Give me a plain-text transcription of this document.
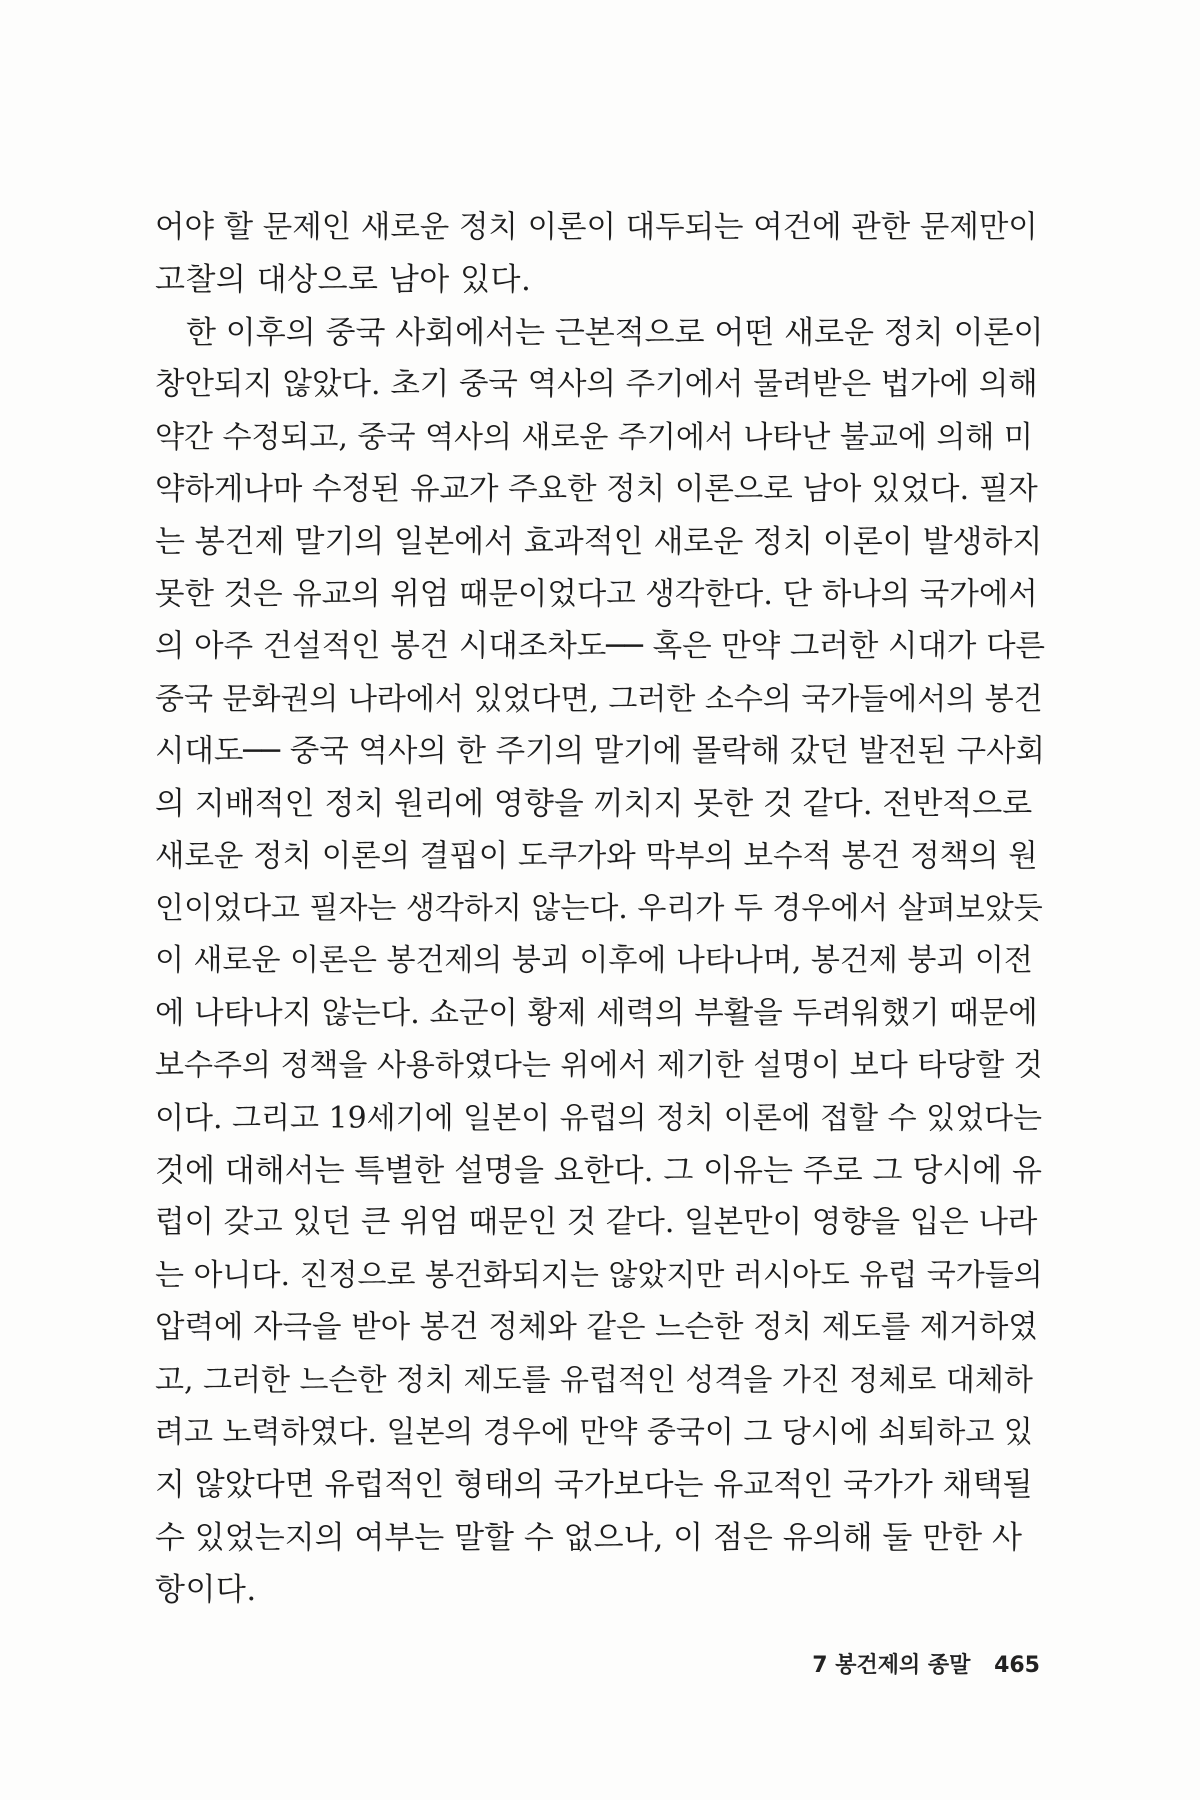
어야 할 문제인 새로운 정치 이론이 대두되는 여건에 관한 문제만이
고찰의 대상으로 남아 있다.
한 이후의 중국 사회에서는 근본적으로 어떤 새로운 정치 이론이
창안되지 않았다. 초기 중국 역사의 주기에서 물려받은 법가에 의해
약간 수정되고, 중국 역사의 새로운 주기에서 나타난 불교에 의해 미
약하게나마 수정된 유교가 주요한 정치 이론으로 남아 있었다. 필자
는 봉건제 말기의 일본에서 효과적인 새로운 정치 이론이 발생하지
못한 것은 유교의 위엄 때문이었다고 생각한다. 단 하나의 국가에서
의 아주 건설적인 봉건 시대조차도── 혹은 만약 그러한 시대가 다른
중국 문화권의 나라에서 있었다면, 그러한 소수의 국가들에서의 봉건
시대도── 중국 역사의 한 주기의 말기에 몰락해 갔던 발전된 구사회
의 지배적인 정치 원리에 영향을 끼치지 못한 것 같다. 전반적으로
새로운 정치 이론의 결핍이 도쿠가와 막부의 보수적 봉건 정책의 원
인이었다고 필자는 생각하지 않는다. 우리가 두 경우에서 살펴보았듯
이 새로운 이론은 봉건제의 붕괴 이후에 나타나며, 봉건제 붕괴 이전
에 나타나지 않는다. 쇼군이 황제 세력의 부활을 두려워했기 때문에
보수주의 정책을 사용하였다는 위에서 제기한 설명이 보다 타당할 것
이다. 그리고 19세기에 일본이 유럽의 정치 이론에 접할 수 있었다는
것에 대해서는 특별한 설명을 요한다. 그 이유는 주로 그 당시에 유
럽이 갖고 있던 큰 위엄 때문인 것 같다. 일본만이 영향을 입은 나라
는 아니다. 진정으로 봉건화되지는 않았지만 러시아도 유럽 국가들의
압력에 자극을 받아 봉건 정체와 같은 느슨한 정치 제도를 제거하였
고, 그러한 느슨한 정치 제도를 유럽적인 성격을 가진 정체로 대체하
려고 노력하였다. 일본의 경우에 만약 중국이 그 당시에 쇠퇴하고 있
지 않았다면 유럽적인 형태의 국가보다는 유교적인 국가가 채택될
수 있었는지의 여부는 말할 수 없으나, 이 점은 유의해 둘 만한 사
항이다.
7 봉건제의 종말 465
